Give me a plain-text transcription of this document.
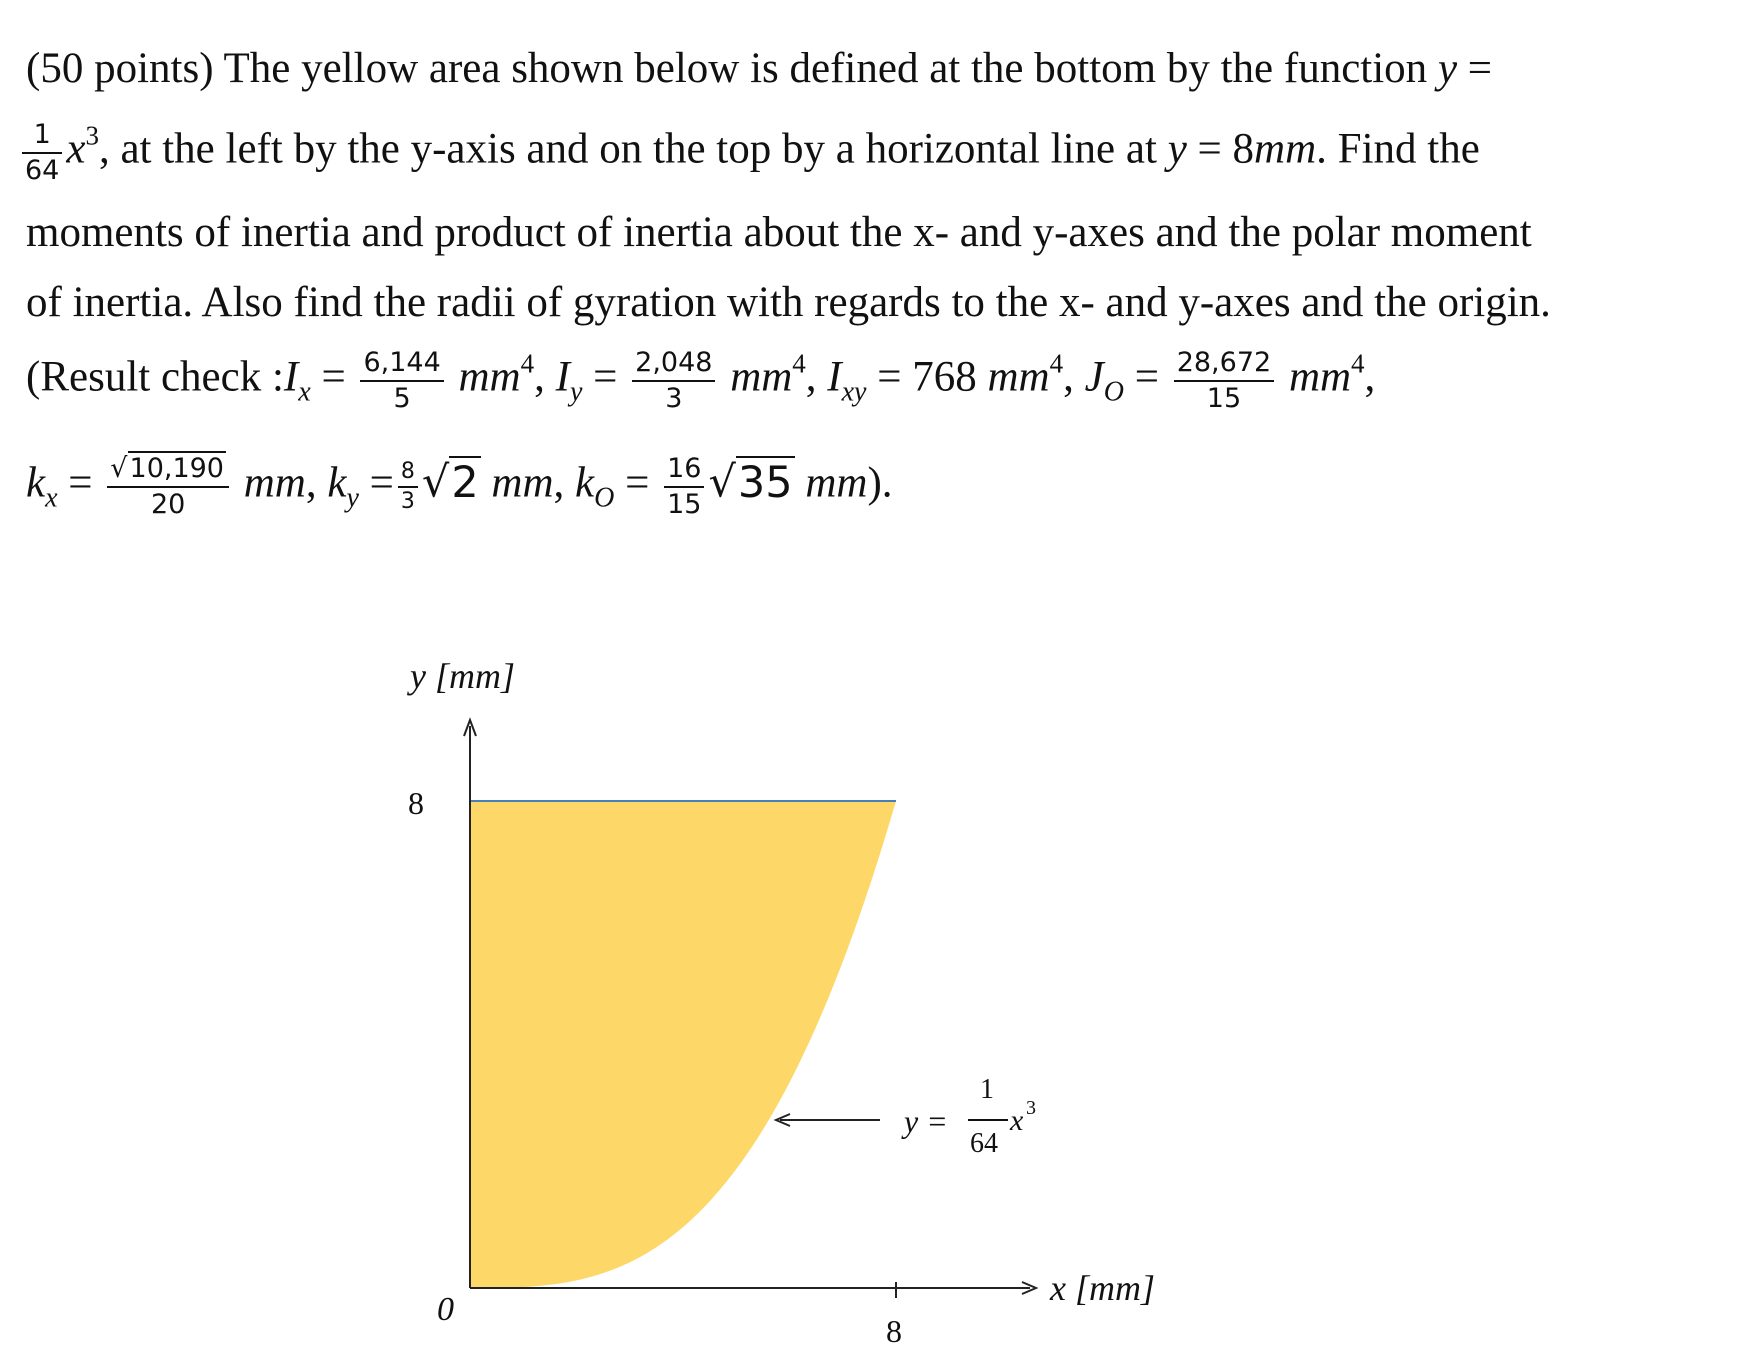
(50 points) The yellow area shown below is defined at the bottom by the function y =
$\frac{1}{64} x^3$, at the left by the y-axis and on the top by a horizontal line at y = 8mm. Find the
moments of inertia and product of inertia about the x- and y-axes and the polar moment
of inertia. Also find the radii of gyration with regards to the x- and y-axes and the origin.
(Result check $:I_x = \frac{6,144}{5} mm^4$, $I_y = \frac{2,048}{3} mm^4$, $I_{xy} = 768$ $mm^4$, $J_O = \frac{28,672}{15} mm^4$,
$k_x = \frac{√10,190}{20}$ mm, $k_y = \frac{8}{3} √2$ mm, $k_O = \frac{16}{15} √35$ mm).
y [mm]
x [mm]
0
8
8
y =
1
64
x 3
